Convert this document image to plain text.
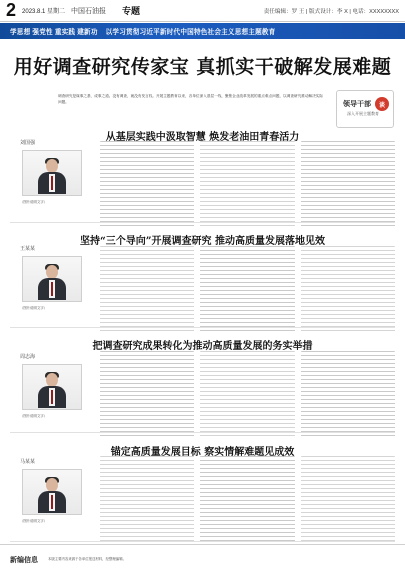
2 2023.8.1 星期二 中国石油报 专题	责任编辑：罗 王 | 版式设计：李 X | 电话：XXXXXXXX
学思想 强党性 重实践 建新功 以学习贯彻习近平新时代中国特色社会主义思想主题教育
用好调查研究传家宝 真抓实干破解发展难题
调查研究是谋事之基、成事之道。没有调查，就没有发言权。开展主题教育以来，各单位深入基层一线，聚焦企业改革发展的重点难点问题，以调查研究推动解决实际问题。	领导干部
深入开展主题教育
谈
从基层实践中汲取智慧 焕发老油田青春活力
坚持“三个导向”开展调查研究 推动高质量发展落地见效
把调查研究成果转化为推动高质量发展的务实举措
锚定高质量发展目标 察实情解难题见成效
刘国强
（图片说明文字）
王某某
（图片说明文字）
周志海
（图片说明文字）
马某某
（图片说明文字）
新编信息	本版主要内容来源于各单位报送材料，经整理编辑。
